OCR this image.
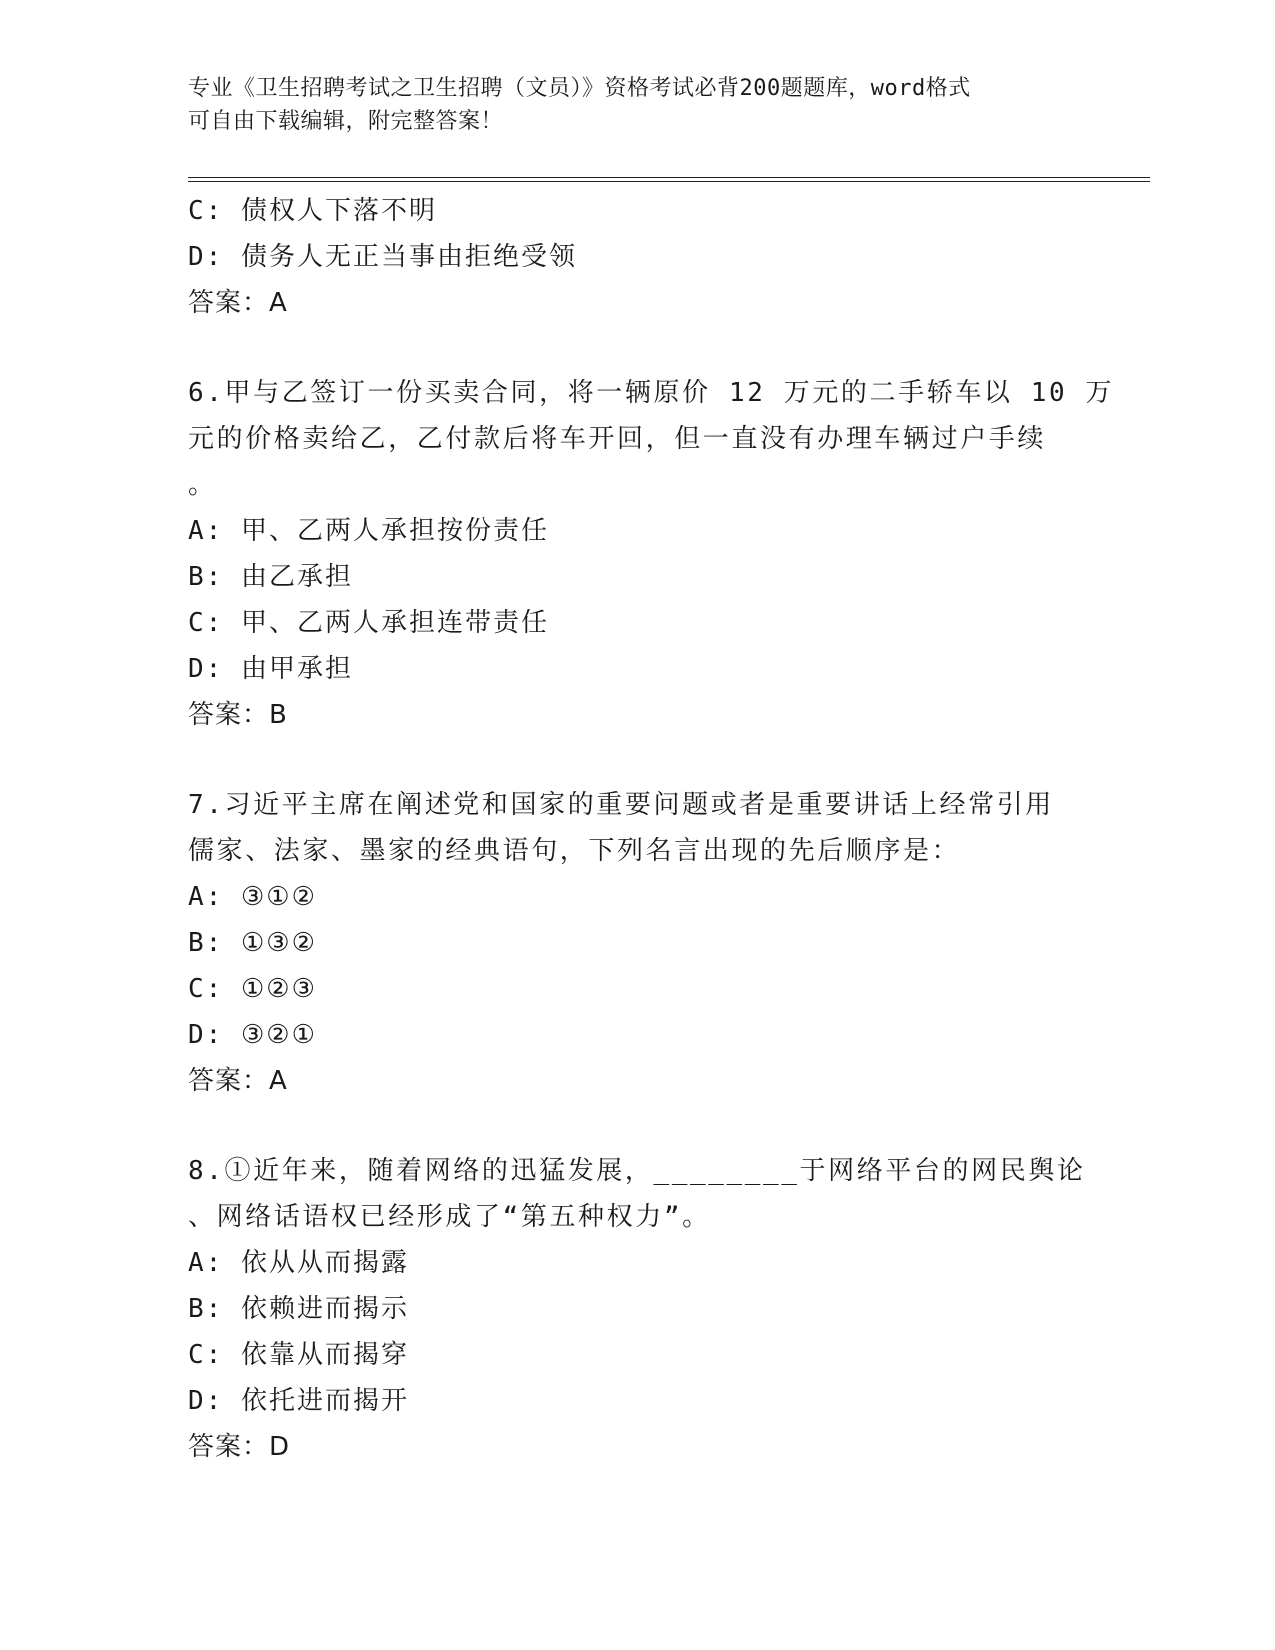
专业《卫生招聘考试之卫生招聘（文员）》资格考试必背200题题库，word格式
可自由下载编辑，附完整答案！
C: 债权人下落不明
D: 债务人无正当事由拒绝受领
答案：A
6.甲与乙签订一份买卖合同，将一辆原价 12 万元的二手轿车以 10 万
元的价格卖给乙，乙付款后将车开回，但一直没有办理车辆过户手续
。
A: 甲、乙两人承担按份责任
B: 由乙承担
C: 甲、乙两人承担连带责任
D: 由甲承担
答案：B
7.习近平主席在阐述党和国家的重要问题或者是重要讲话上经常引用
儒家、法家、墨家的经典语句，下列名言出现的先后顺序是：
A: ③①②
B: ①③②
C: ①②③
D: ③②①
答案：A
8.①近年来，随着网络的迅猛发展，________于网络平台的网民舆论
、网络话语权已经形成了“第五种权力”。
A: 依从从而揭露
B: 依赖进而揭示
C: 依靠从而揭穿
D: 依托进而揭开
答案：D
